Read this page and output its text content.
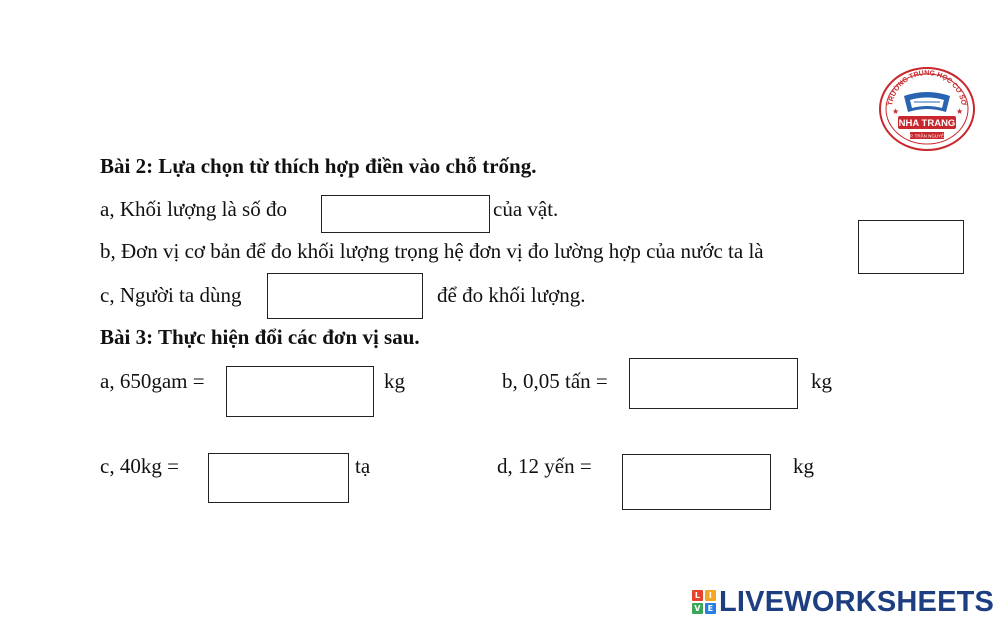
TRƯỜNG TRUNG HỌC CƠ SỞ
NHA TRANG
CP. TRẦN NGUYÊN
★	★
Bài 2: Lựa chọn từ thích hợp điền vào chỗ trống.
a, Khối lượng là số đo	của vật.
b, Đơn vị cơ bản để đo khối lượng trọng hệ đơn vị đo lường hợp của nước ta là
c, Người ta dùng	để đo khối lượng.
Bài 3: Thực hiện đổi các đơn vị sau.
a, 650gam =	kg	b, 0,05 tấn =	kg
c, 40kg =	tạ	d, 12 yến =	kg
L	I
V E LIVEWORKSHEETS
